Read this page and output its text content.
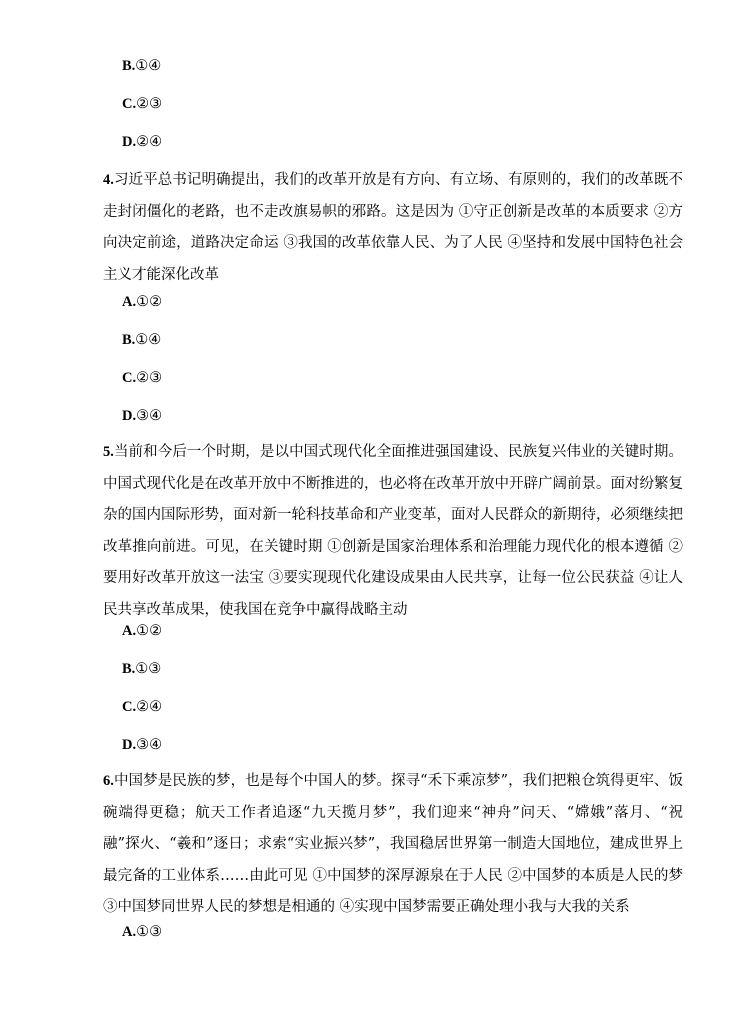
B.①④
C.②③
D.②④
4.习近平总书记明确提出，我们的改革开放是有方向、有立场、有原则的，我们的改革既不走封闭僵化的老路，也不走改旗易帜的邪路。这是因为 ①守正创新是改革的本质要求 ②方向决定前途，道路决定命运 ③我国的改革依靠人民、为了人民 ④坚持和发展中国特色社会主义才能深化改革
A.①②
B.①④
C.②③
D.③④
5.当前和今后一个时期，是以中国式现代化全面推进强国建设、民族复兴伟业的关键时期。中国式现代化是在改革开放中不断推进的，也必将在改革开放中开辟广阔前景。面对纷繁复杂的国内国际形势，面对新一轮科技革命和产业变革，面对人民群众的新期待，必须继续把改革推向前进。可见，在关键时期 ①创新是国家治理体系和治理能力现代化的根本遵循 ②要用好改革开放这一法宝 ③要实现现代化建设成果由人民共享，让每一位公民获益 ④让人民共享改革成果，使我国在竞争中赢得战略主动
A.①②
B.①③
C.②④
D.③④
6.中国梦是民族的梦，也是每个中国人的梦。探寻“禾下乘凉梦”，我们把粮仓筑得更牢、饭碗端得更稳；航天工作者追逐“九天揽月梦”，我们迎来“神舟”问天、“嫦娥”落月、“祝融”探火、“羲和”逐日；求索“实业振兴梦”，我国稳居世界第一制造大国地位，建成世界上最完备的工业体系……由此可见 ①中国梦的深厚源泉在于人民 ②中国梦的本质是人民的梦 ③中国梦同世界人民的梦想是相通的 ④实现中国梦需要正确处理小我与大我的关系
A.①③
